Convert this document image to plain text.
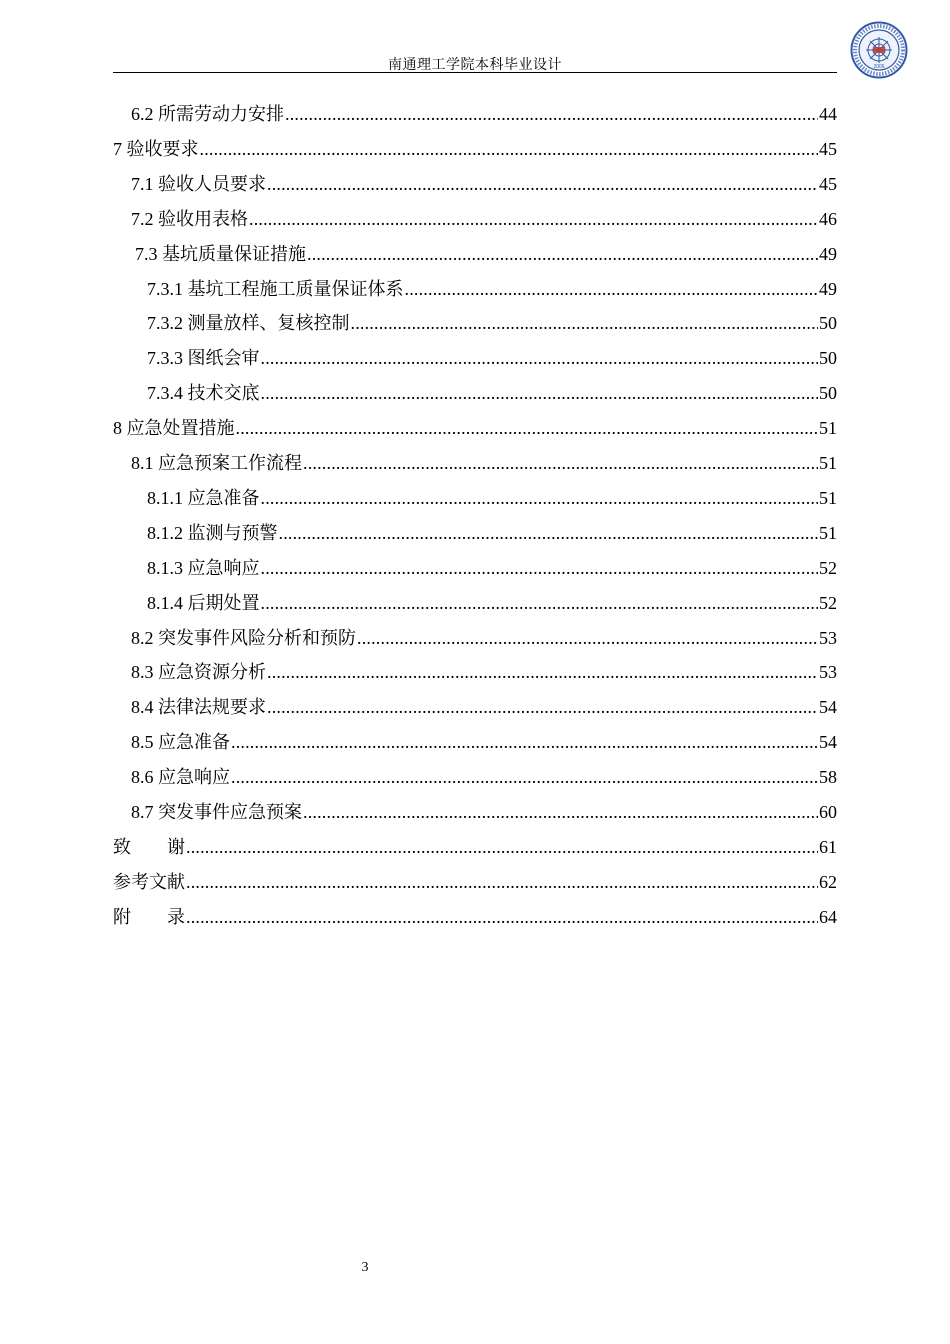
南通理工学院本科毕业设计	2006
6.2 所需劳动力安排 .....	44
7 验收要求 .....	45
7.1 验收人员要求 .....	45
7.2 验收用表格 .....	46
7.3 基坑质量保证措施 .....	49
7.3.1 基坑工程施工质量保证体系 .....	49
7.3.2 测量放样、复核控制 .....	50
7.3.3 图纸会审 .....	50
7.3.4 技术交底 .....	50
8 应急处置措施 .....	51
8.1 应急预案工作流程 .....	51
8.1.1 应急准备 .....	51
8.1.2 监测与预警 .....	51
8.1.3 应急响应 .....	52
8.1.4 后期处置 .....	52
8.2 突发事件风险分析和预防 .....	53
8.3 应急资源分析 .....	53
8.4 法律法规要求 .....	54
8.5 应急准备 .....	54
8.6 应急响应 .....	58
8.7 突发事件应急预案 .....	60
致　　谢 .....	61
参考文献 .....	62
附　　录 .....	64
3
